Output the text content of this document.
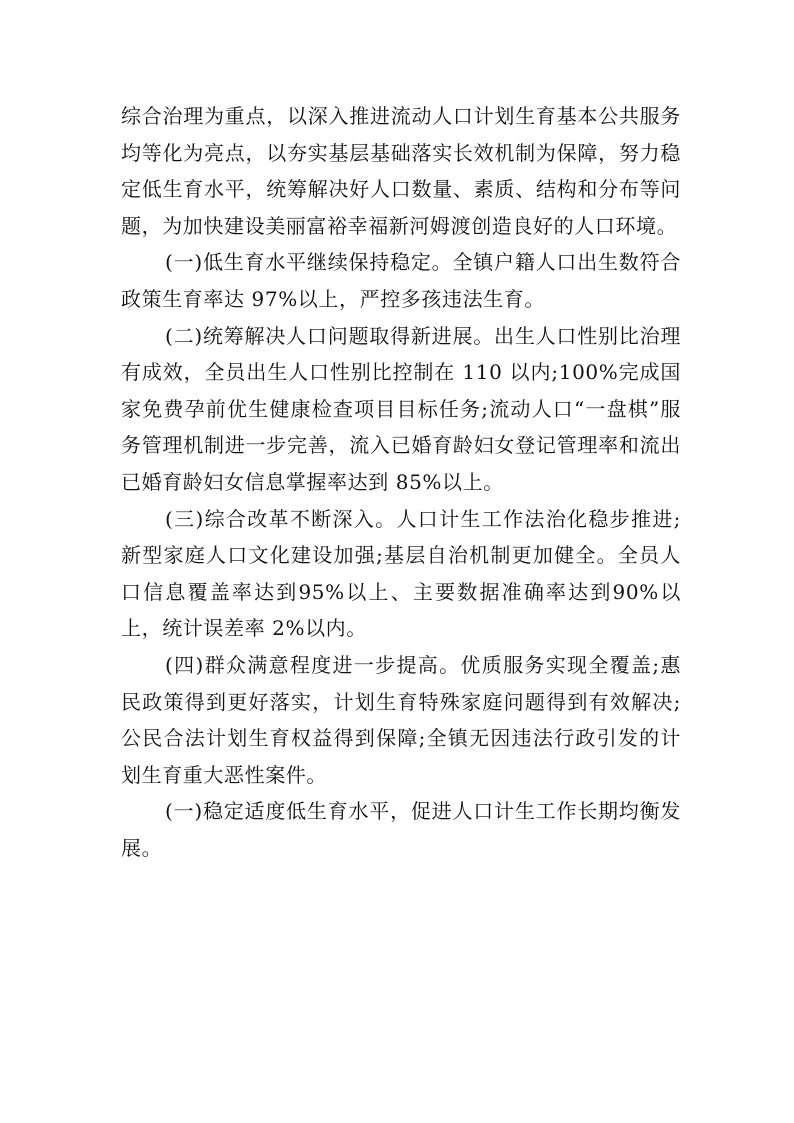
综合治理为重点，以深入推进流动人口计划生育基本公共服务均等化为亮点，以夯实基层基础落实长效机制为保障，努力稳定低生育水平，统筹解决好人口数量、素质、结构和分布等问题，为加快建设美丽富裕幸福新河姆渡创造良好的人口环境。

(一)低生育水平继续保持稳定。全镇户籍人口出生数符合政策生育率达 97%以上，严控多孩违法生育。

(二)统筹解决人口问题取得新进展。出生人口性别比治理有成效，全员出生人口性别比控制在 110 以内;100%完成国家免费孕前优生健康检查项目目标任务;流动人口“一盘棋”服务管理机制进一步完善，流入已婚育龄妇女登记管理率和流出已婚育龄妇女信息掌握率达到 85%以上。

(三)综合改革不断深入。人口计生工作法治化稳步推进;新型家庭人口文化建设加强;基层自治机制更加健全。全员人口信息覆盖率达到95%以上、主要数据准确率达到90%以上，统计误差率 2%以内。

(四)群众满意程度进一步提高。优质服务实现全覆盖;惠民政策得到更好落实，计划生育特殊家庭问题得到有效解决;公民合法计划生育权益得到保障;全镇无因违法行政引发的计划生育重大恶性案件。

(一)稳定适度低生育水平，促进人口计生工作长期均衡发展。
